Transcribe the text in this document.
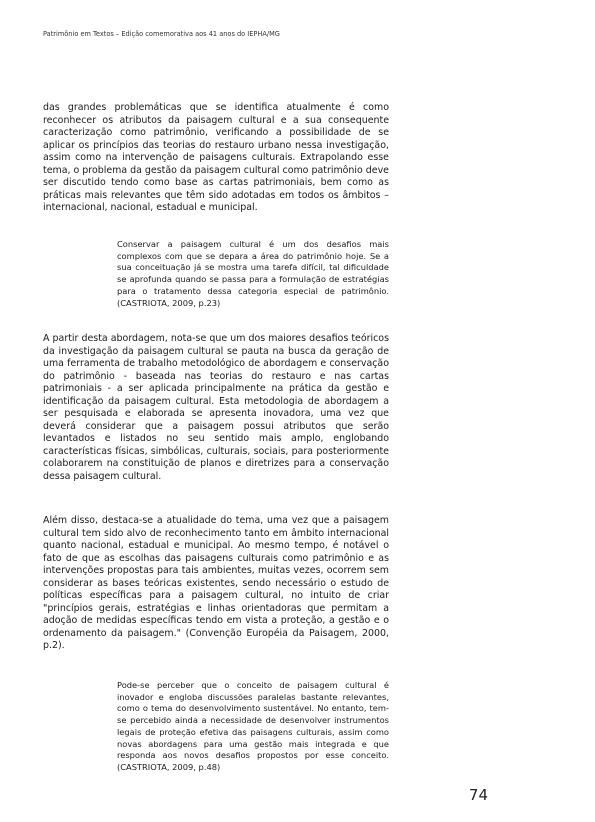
Patrimônio em Textos – Edição comemorativa aos 41 anos do IEPHA/MG

das grandes problemáticas que se identifica atualmente é como reconhecer os atributos da paisagem cultural e a sua consequente caracterização como patrimônio, verificando a possibilidade de se aplicar os princípios das teorias do restauro urbano nessa investigação, assim como na intervenção de paisagens culturais. Extrapolando esse tema, o problema da gestão da paisagem cultural como patrimônio deve ser discutido tendo como base as cartas patrimoniais, bem como as práticas mais relevantes que têm sido adotadas em todos os âmbitos – internacional, nacional, estadual e municipal.

Conservar a paisagem cultural é um dos desafios mais complexos com que se depara a área do patrimônio hoje. Se a sua conceituação já se mostra uma tarefa difícil, tal dificuldade se aprofunda quando se passa para a formulação de estratégias para o tratamento dessa categoria especial de patrimônio. (CASTRIOTA, 2009, p.23)

A partir desta abordagem, nota-se que um dos maiores desafios teóricos da investigação da paisagem cultural se pauta na busca da geração de uma ferramenta de trabalho metodológico de abordagem e conservação do patrimônio - baseada nas teorias do restauro e nas cartas patrimoniais - a ser aplicada principalmente na prática da gestão e identificação da paisagem cultural. Esta metodologia de abordagem a ser pesquisada e elaborada se apresenta inovadora, uma vez que deverá considerar que a paisagem possui atributos que serão levantados e listados no seu sentido mais amplo, englobando características físicas, simbólicas, culturais, sociais, para posteriormente colaborarem na constituição de planos e diretrizes para a conservação dessa paisagem cultural.

Além disso, destaca-se a atualidade do tema, uma vez que a paisagem cultural tem sido alvo de reconhecimento tanto em âmbito internacional quanto nacional, estadual e municipal. Ao mesmo tempo, é notável o fato de que as escolhas das paisagens culturais como patrimônio e as intervenções propostas para tais ambientes, muitas vezes, ocorrem sem considerar as bases teóricas existentes, sendo necessário o estudo de políticas específicas para a paisagem cultural, no intuito de criar "princípios gerais, estratégias e linhas orientadoras que permitam a adoção de medidas específicas tendo em vista a proteção, a gestão e o ordenamento da paisagem." (Convenção Européia da Paisagem, 2000, p.2).

Pode-se perceber que o conceito de paisagem cultural é inovador e engloba discussões paralelas bastante relevantes, como o tema do desenvolvimento sustentável. No entanto, tem-se percebido ainda a necessidade de desenvolver instrumentos legais de proteção efetiva das paisagens culturais, assim como novas abordagens para uma gestão mais integrada e que responda aos novos desafios propostos por esse conceito. (CASTRIOTA, 2009, p.48)

74
